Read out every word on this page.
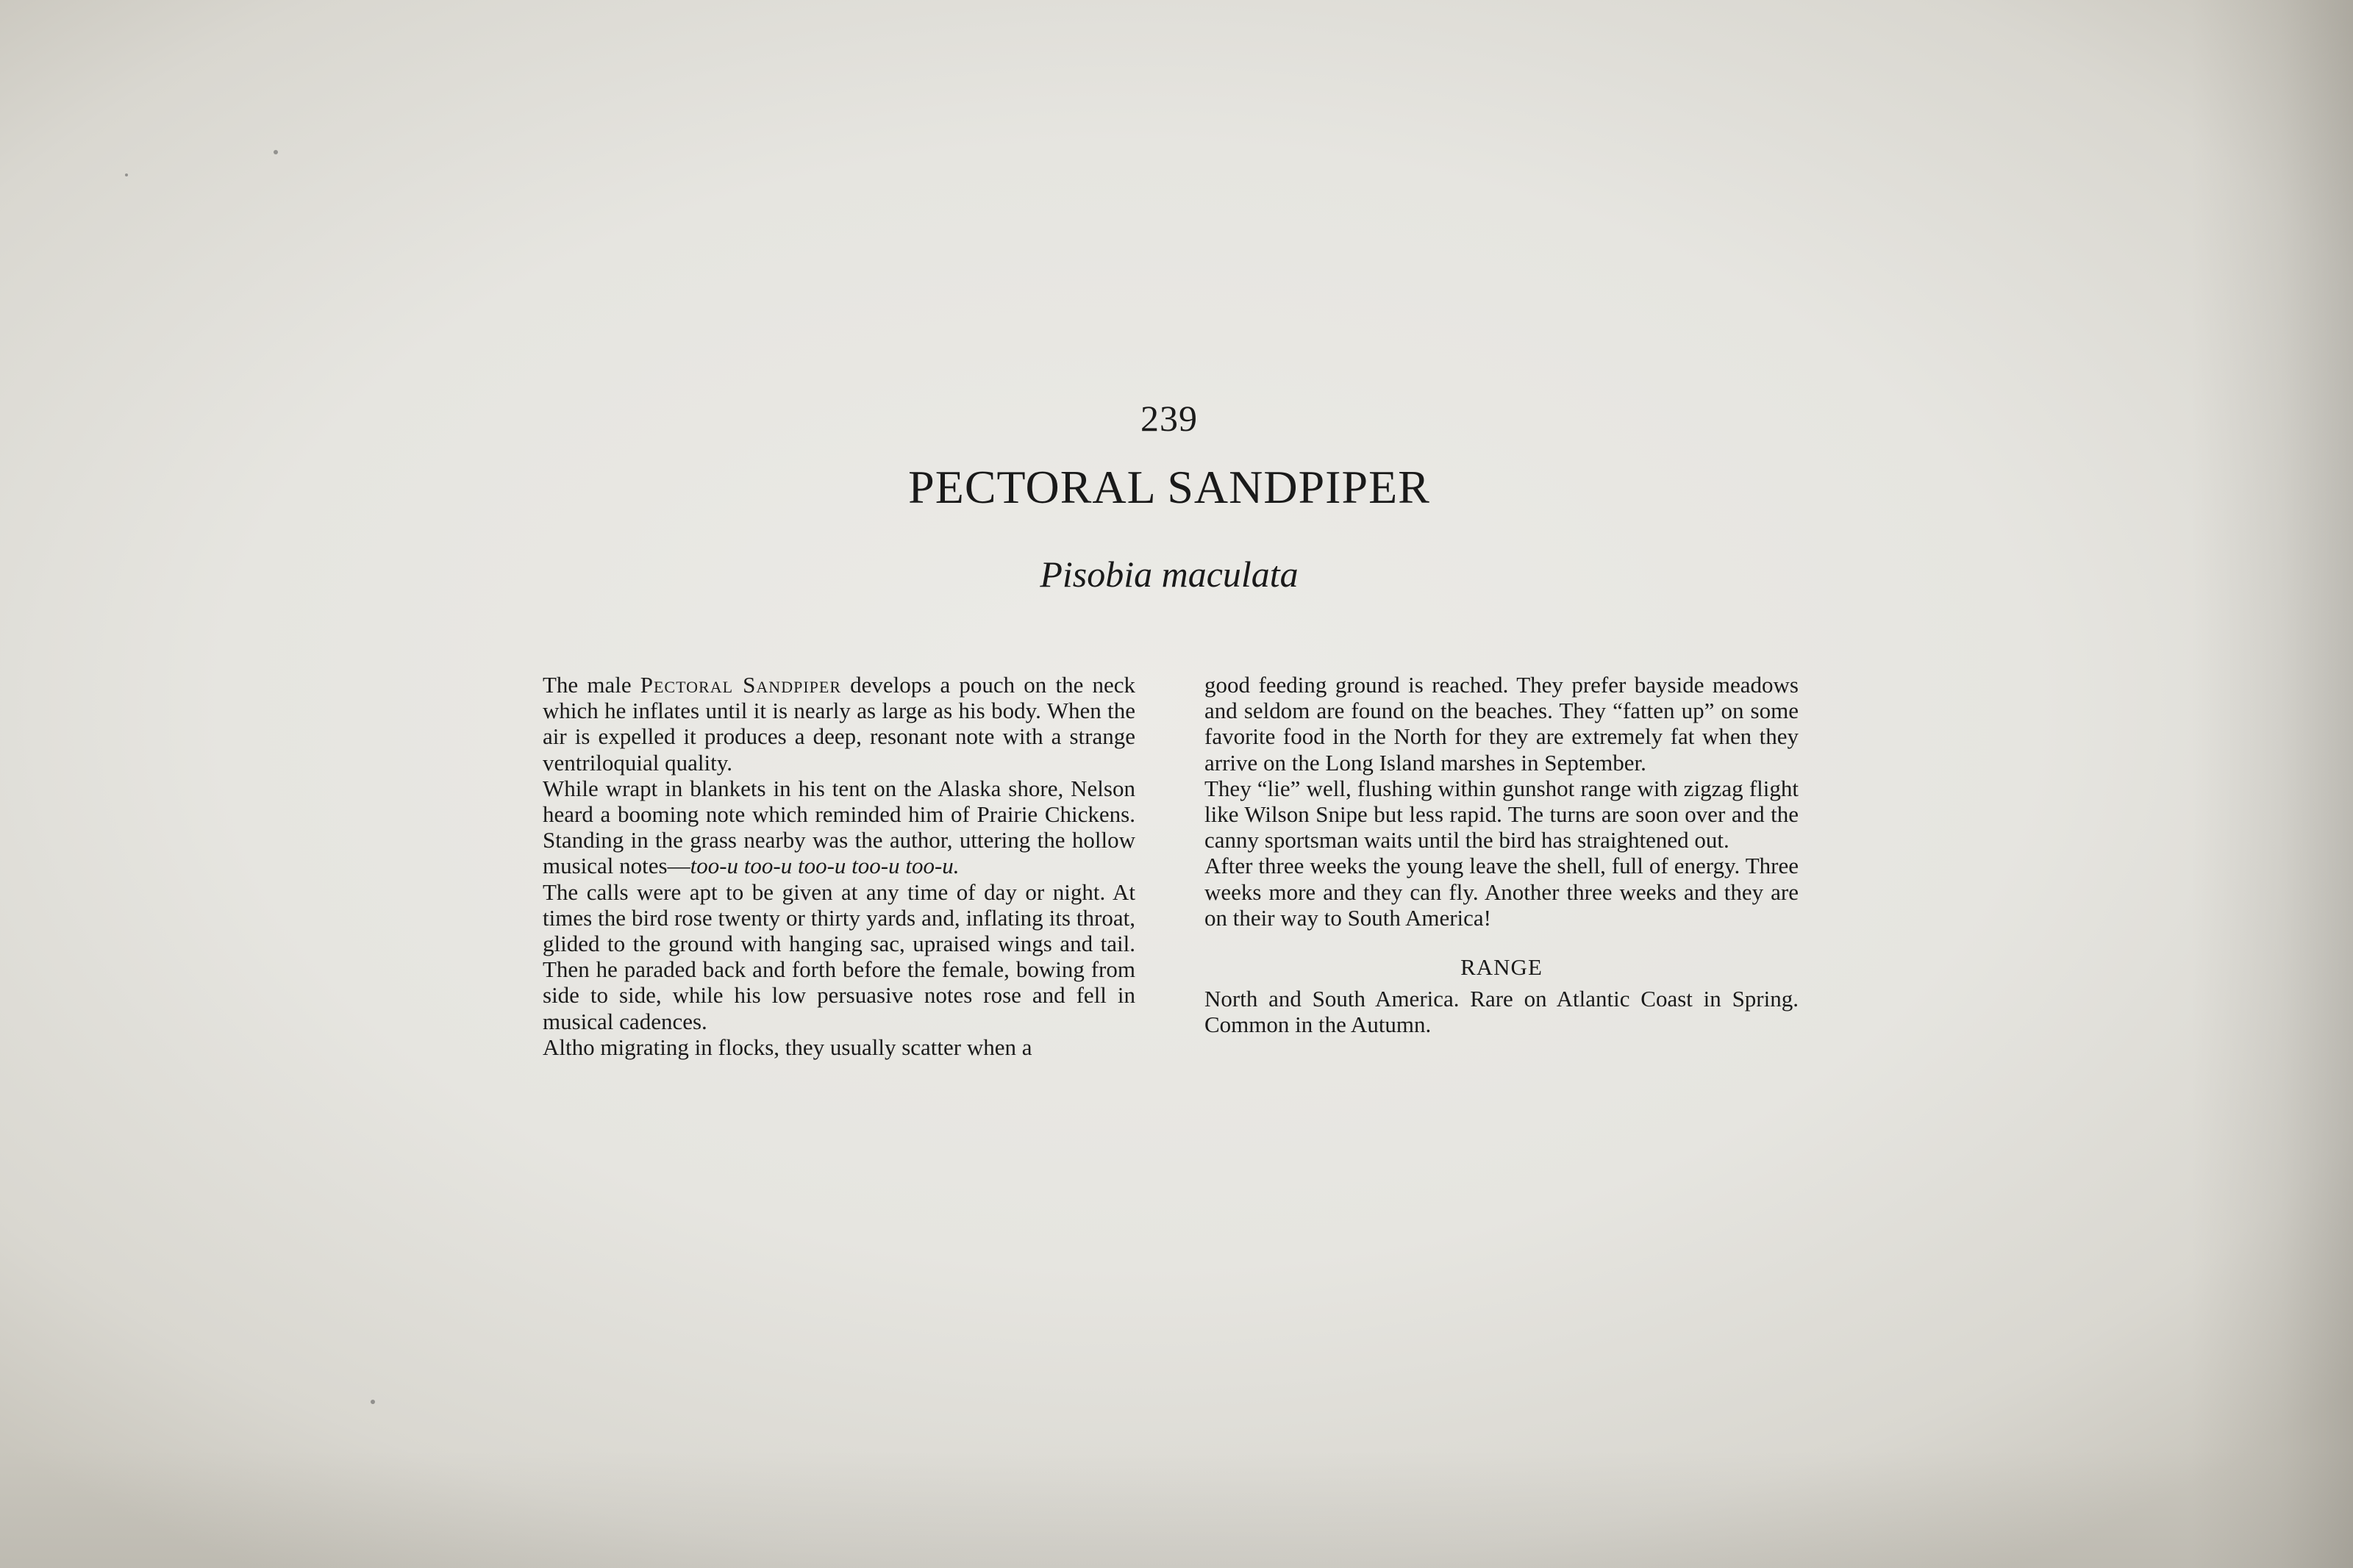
239
PECTORAL SANDPIPER
Pisobia maculata

The male Pectoral Sandpiper develops a pouch on the neck which he inflates until it is nearly as large as his body. When the air is expelled it produces a deep, resonant note with a strange ventriloquial quality.

While wrapt in blankets in his tent on the Alaska shore, Nelson heard a booming note which reminded him of Prairie Chickens. Standing in the grass nearby was the author, uttering the hollow musical notes—too-u too-u too-u too-u too-u.

The calls were apt to be given at any time of day or night. At times the bird rose twenty or thirty yards and, inflating its throat, glided to the ground with hanging sac, upraised wings and tail. Then he paraded back and forth before the female, bowing from side to side, while his low persuasive notes rose and fell in musical cadences.

Altho migrating in flocks, they usually scatter when a

good feeding ground is reached. They prefer bayside meadows and seldom are found on the beaches. They “fatten up” on some favorite food in the North for they are extremely fat when they arrive on the Long Island marshes in September.

They “lie” well, flushing within gunshot range with zigzag flight like Wilson Snipe but less rapid. The turns are soon over and the canny sportsman waits until the bird has straightened out.

After three weeks the young leave the shell, full of energy. Three weeks more and they can fly. Another three weeks and they are on their way to South America!

RANGE

North and South America. Rare on Atlantic Coast in Spring. Common in the Autumn.
